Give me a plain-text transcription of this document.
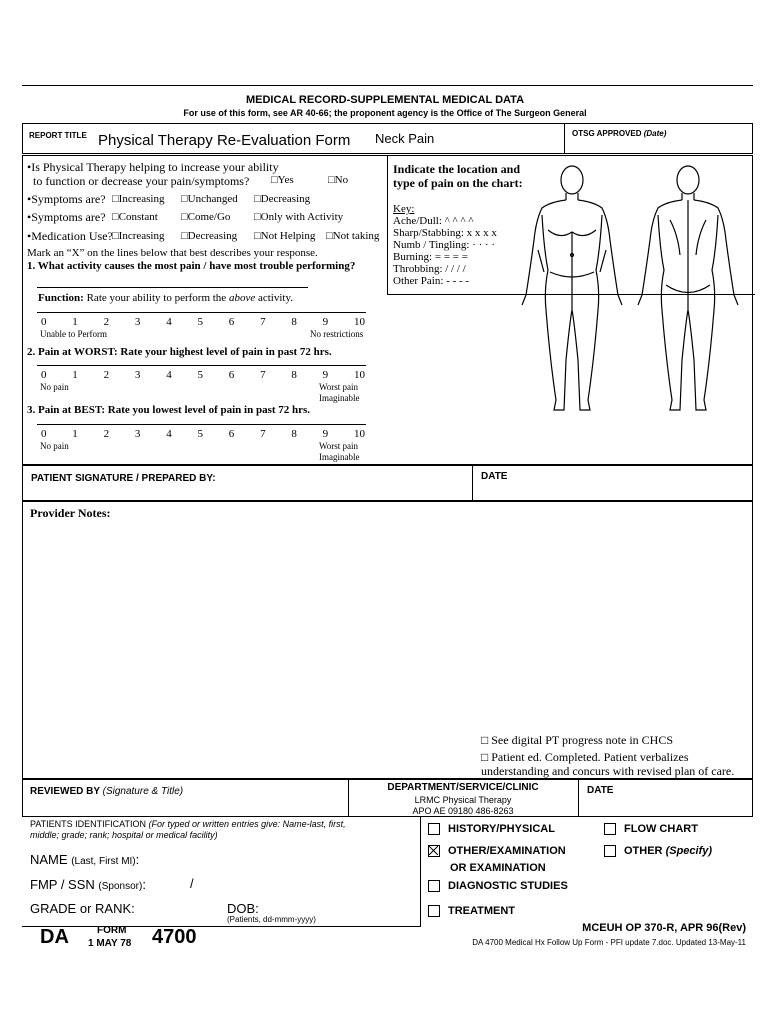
MEDICAL RECORD-SUPPLEMENTAL MEDICAL DATA
For use of this form, see AR 40-66; the proponent agency is the Office of The Surgeon General
REPORT TITLE Physical Therapy Re-Evaluation Form Neck Pain	OTSG APPROVED (Date)
•Is Physical Therapy helping to increase your ability
to function or decrease your pain/symptoms? □Yes	□No
•Symptoms are? □Increasing □Unchanged □Decreasing
•Symptoms are? □Constant □Come/Go □Only with Activity
•Medication Use? □Increasing □Decreasing □Not Helping □Not taking
Mark an “X” on the lines below that best describes your response.
1. What activity causes the most pain / have most trouble performing?
Function: Rate your ability to perform the above activity.
0	1	2	3	4	5	6	7	8	9	10
Unable to Perform	No restrictions
2. Pain at WORST: Rate your highest level of pain in past 72 hrs.
0	1	2	3	4	5	6	7	8	9	10
No pain	Worst pain
Imaginable
3. Pain at BEST: Rate you lowest level of pain in past 72 hrs.
0	1	2	3	4	5	6	7	8	9	10
No pain	Worst pain
Imaginable
Indicate the location and
type of pain on the chart:
Key:
Ache/Dull: ^ ^ ^ ^
Sharp/Stabbing: x x x x
Numb / Tingling: · · · ·
Burning: = = = =
Throbbing: / / / /
Other Pain: - - - -
PATIENT SIGNATURE / PREPARED BY:	DATE
Provider Notes:
□ See digital PT progress note in CHCS
□ Patient ed. Completed. Patient verbalizes
understanding and concurs with revised plan of care.
REVIEWED BY (Signature & Title)	DEPARTMENT/SERVICE/CLINIC
LRMC Physical Therapy
APO AE 09180 486-8263
DATE
PATIENTS IDENTIFICATION (For typed or written entries give: Name-last, first,
middle; grade; rank; hospital or medical facility)
NAME (Last, First MI):
FMP / SSN (Sponsor):	/
GRADE or RANK:	DOB:
(Patients, dd-mmm-yyyy)
HISTORY/PHYSICAL	FLOW CHART
OTHER/EXAMINATION
OR EXAMINATION
OTHER (Specify)
DIAGNOSTIC STUDIES
TREATMENT
DA	FORM
1 MAY 78 4700	MCEUH OP 370-R, APR 96(Rev)
DA 4700 Medical Hx Follow Up Form - PFI update 7.doc. Updated 13-May-11
